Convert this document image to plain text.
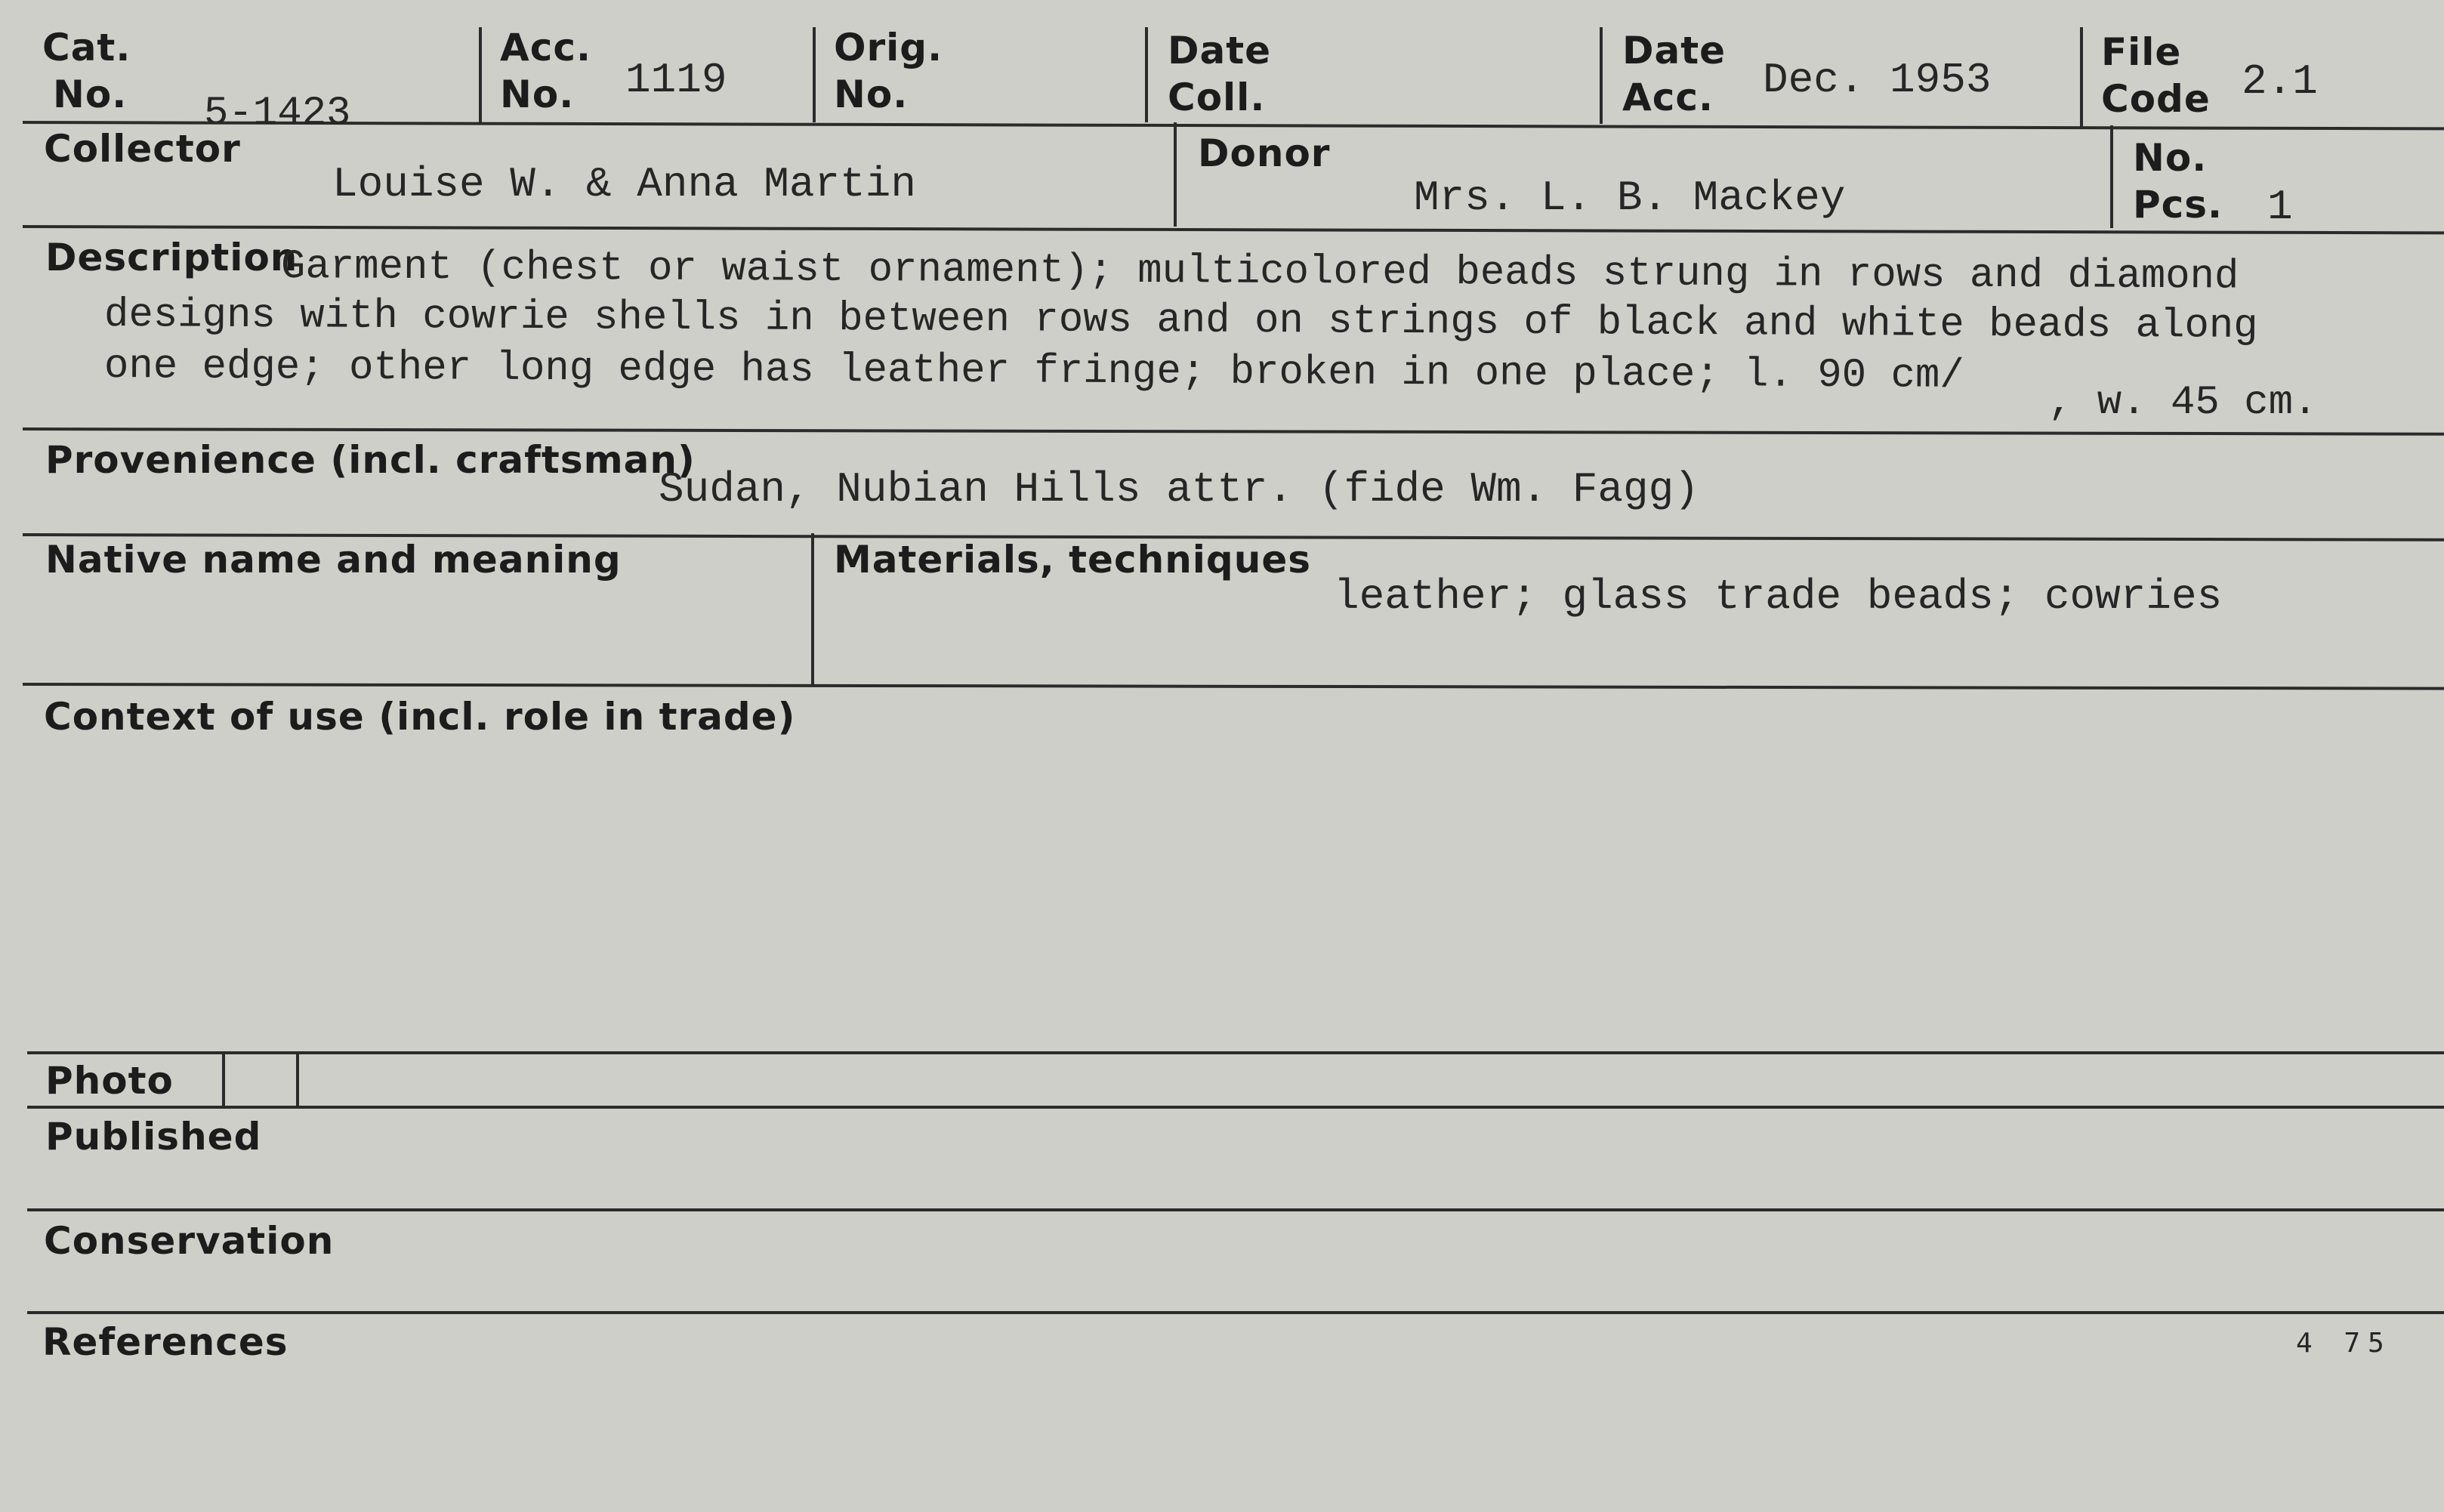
Cat.
No. 5-1423
Acc.
No. 1119
Orig.
No.
Date
Coll.
Date
Acc. Dec. 1953
File
Code 2.1
Collector
Louise W. & Anna Martin
Donor
Mrs. L. B. Mackey
No.
Pcs. 1
Description
Garment (chest or waist ornament); multicolored beads strung in rows and diamond
designs with cowrie shells in between rows and on strings of black and white beads along
one edge; other long edge has leather fringe; broken in one place; l. 90 cm/
, w. 45 cm.
Provenience (incl. craftsman)
Sudan, Nubian Hills attr. (fide Wm. Fagg)
Native name and meaning	Materials, techniques
leather; glass trade beads; cowries
Context of use (incl. role in trade)
Photo
Published
Conservation
References	4 75
